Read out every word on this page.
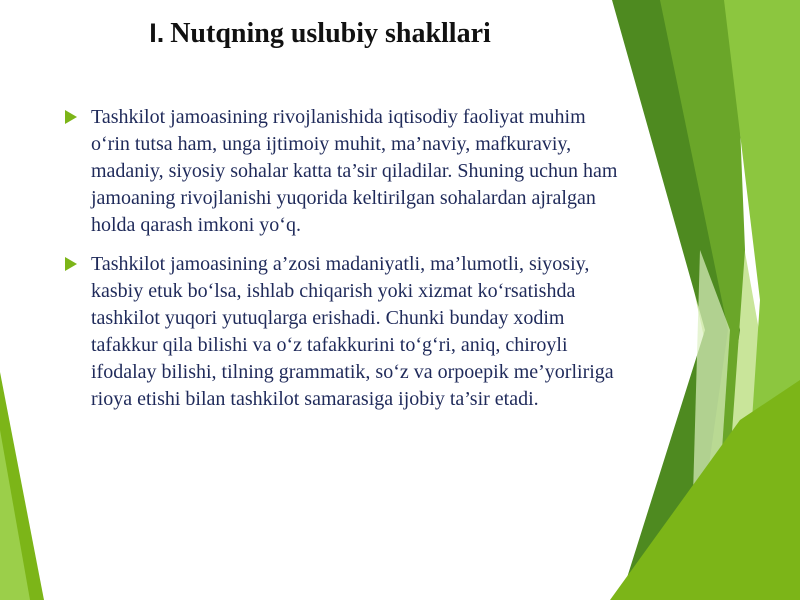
I. Nutqning uslubiy shakllari
Tashkilot jamoasining rivojlanishida iqtisodiy faoliyat muhim o‘rin tutsa ham, unga ijtimoiy muhit, ma’naviy, mafkuraviy, madaniy, siyosiy sohalar katta ta’sir qiladilar. Shuning uchun ham jamoaning rivojlanishi yuqorida keltirilgan sohalardan ajralgan holda qarash imkoni yo‘q.
Tashkilot jamoasining a’zosi madaniyatli, ma’lumotli, siyosiy, kasbiy etuk bo‘lsa, ishlab chiqarish yoki xizmat ko‘rsatishda tashkilot yuqori yutuqlarga erishadi. Chunki bunday xodim tafakkur qila bilishi va o‘z tafakkurini to‘g‘ri, aniq, chiroyli ifodalay bilishi, tilning grammatik, so‘z va orpoepik me’yorliriga rioya etishi bilan tashkilot samarasiga ijobiy ta’sir etadi.
